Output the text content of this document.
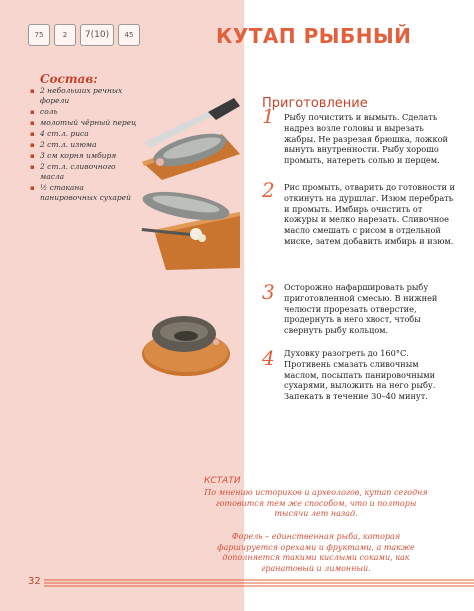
75	2	7(10)	45	КУТАП РЫБНЫЙ
Состав:
▪ 2 небольших речных форели
▪ соль
▪ молотый чёрный перец
▪ 4 ст.л. риса
▪ 2 ст.л. изюма
▪ 3 см корня имбиря
▪ 2 ст.л. сливочного масла
▪ ½ стакана панировочных сухарей
Приготовление
1 Рыбу почистить и вымыть. Сделать надрез возле головы и вырезать жабры. Не разрезая брюшка, ложкой вынуть внутренности. Рыбу хорошо промыть, натереть солью и перцем.
2 Рис промыть, отварить до готовности и откинуть на дуршлаг. Изюм перебрать и промыть. Имбирь очистить от кожуры и мелко нарезать. Сливочное масло смешать с рисом в отдельной миске, затем добавить имбирь и изюм.
3 Осторожно нафаршировать рыбу приготовленной смесью. В нижней челюсти прорезать отверстие, продернуть в него хвост, чтобы свернуть рыбу кольцом.
4 Духовку разогреть до 160°С. Противень смазать сливочным маслом, посыпать панировочными сухарями, выложить на него рыбу. Запекать в течение 30–40 минут.
КСТАТИ
По мнению историков и археологов, кутап сегодня готовится тем же способом, что и полторы тысячи лет назад.
Форель – единственная рыба, которая фаршируется орехами и фруктами, а также дополняется такими кислыми соками, как гранатовый и лимонный.
32
